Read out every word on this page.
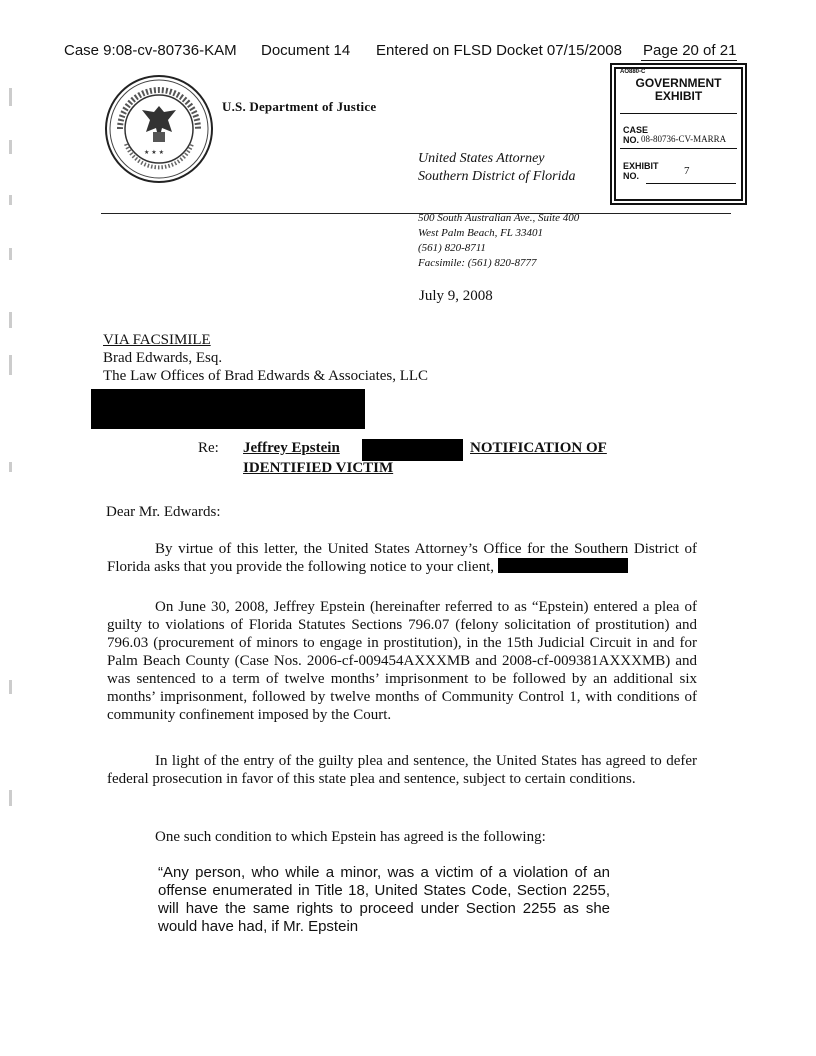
Case 9:08-cv-80736-KAM Document 14 Entered on FLSD Docket 07/15/2008 Page 20 of 21
★ ★ ★
U.S. Department of Justice
United States Attorney
Southern District of Florida
AO880-C
GOVERNMENT
EXHIBIT
CASE
NO. 08-80736-CV-MARRA
EXHIBIT
NO.	7
500 South Australian Ave., Suite 400
West Palm Beach, FL 33401
(561) 820-8711
Facsimile: (561) 820-8777
July 9, 2008
VIA FACSIMILE
Brad Edwards, Esq.
The Law Offices of Brad Edwards & Associates, LLC
Re: Jeffrey Epstein	NOTIFICATION OF
IDENTIFIED VICTIM
Dear Mr. Edwards:
By virtue of this letter, the United States Attorney’s Office for the Southern District of Florida asks that you provide the following notice to your client,
On June 30, 2008, Jeffrey Epstein (hereinafter referred to as “Epstein) entered a plea of guilty to violations of Florida Statutes Sections 796.07 (felony solicitation of prostitution) and 796.03 (procurement of minors to engage in prostitution), in the 15th Judicial Circuit in and for Palm Beach County (Case Nos. 2006-cf-009454AXXXMB and 2008-cf-009381AXXXMB) and was sentenced to a term of twelve months’ imprisonment to be followed by an additional six months’ imprisonment, followed by twelve months of Community Control 1, with conditions of community confinement imposed by the Court.
In light of the entry of the guilty plea and sentence, the United States has agreed to defer federal prosecution in favor of this state plea and sentence, subject to certain conditions.
One such condition to which Epstein has agreed is the following:
“Any person, who while a minor, was a victim of a violation of an offense enumerated in Title 18, United States Code, Section 2255, will have the same rights to proceed under Section 2255 as she would have had, if Mr. Epstein
